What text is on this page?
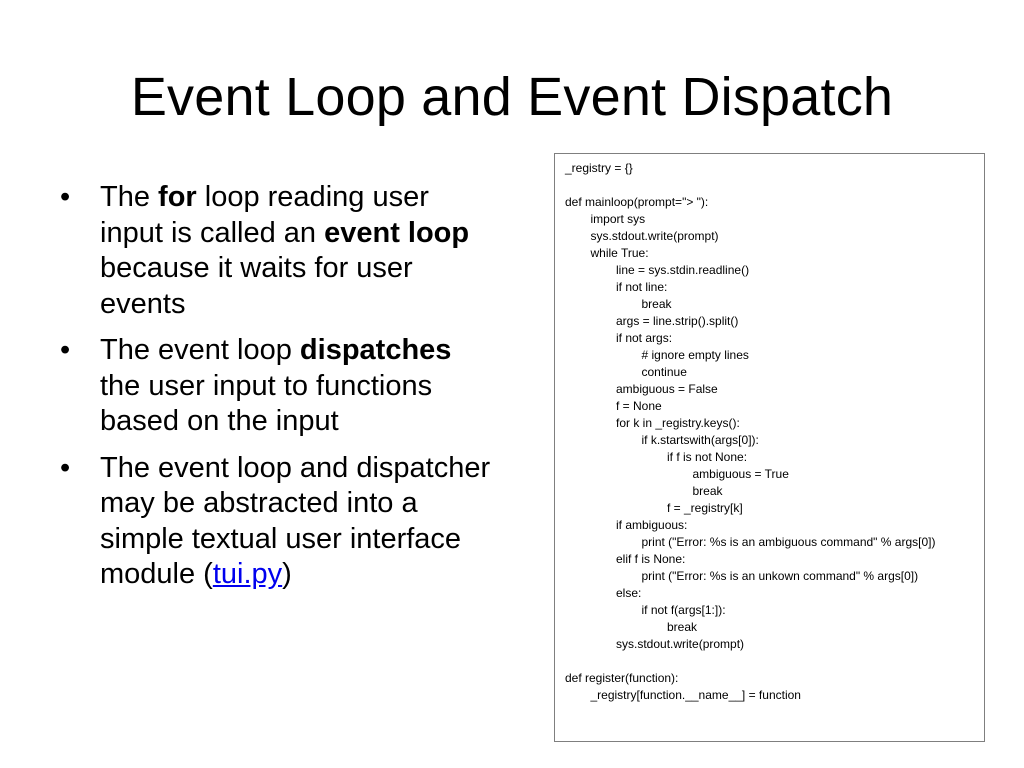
Event Loop and Event Dispatch
• The for loop reading user input is called an event loop because it waits for user events
• The event loop dispatches the user input to functions based on the input
• The event loop and dispatcher may be abstracted into a simple textual user interface module (tui.py)
_registry = {}
def mainloop(prompt="> "):
import sys
sys.stdout.write(prompt)
while True:
line = sys.stdin.readline()
if not line:
break
args = line.strip().split()
if not args:
# ignore empty lines
continue
ambiguous = False
f = None
for k in _registry.keys():
if k.startswith(args[0]):
if f is not None:
ambiguous = True
break
f = _registry[k]
if ambiguous:
print ("Error: %s is an ambiguous command" % args[0])
elif f is None:
print ("Error: %s is an unkown command" % args[0])
else:
if not f(args[1:]):
break
sys.stdout.write(prompt)
def register(function):
_registry[function.__name__] = function
